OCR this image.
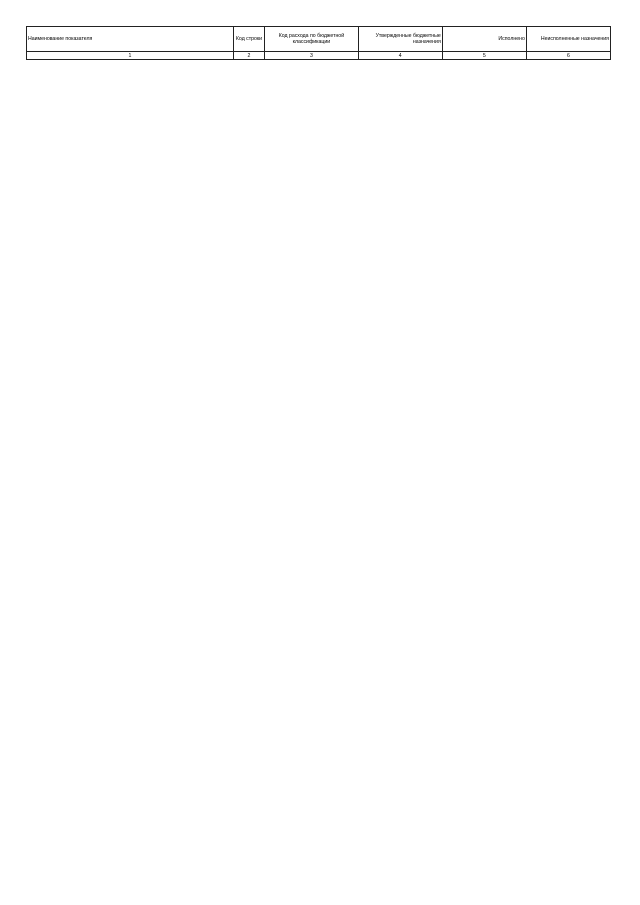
Наименование показателя	Код строки	Код расхода по бюджетной классификации	Утвержденные бюджетные назначения	Исполнено	Неисполненные назначения
1	2	3	4	5	6
